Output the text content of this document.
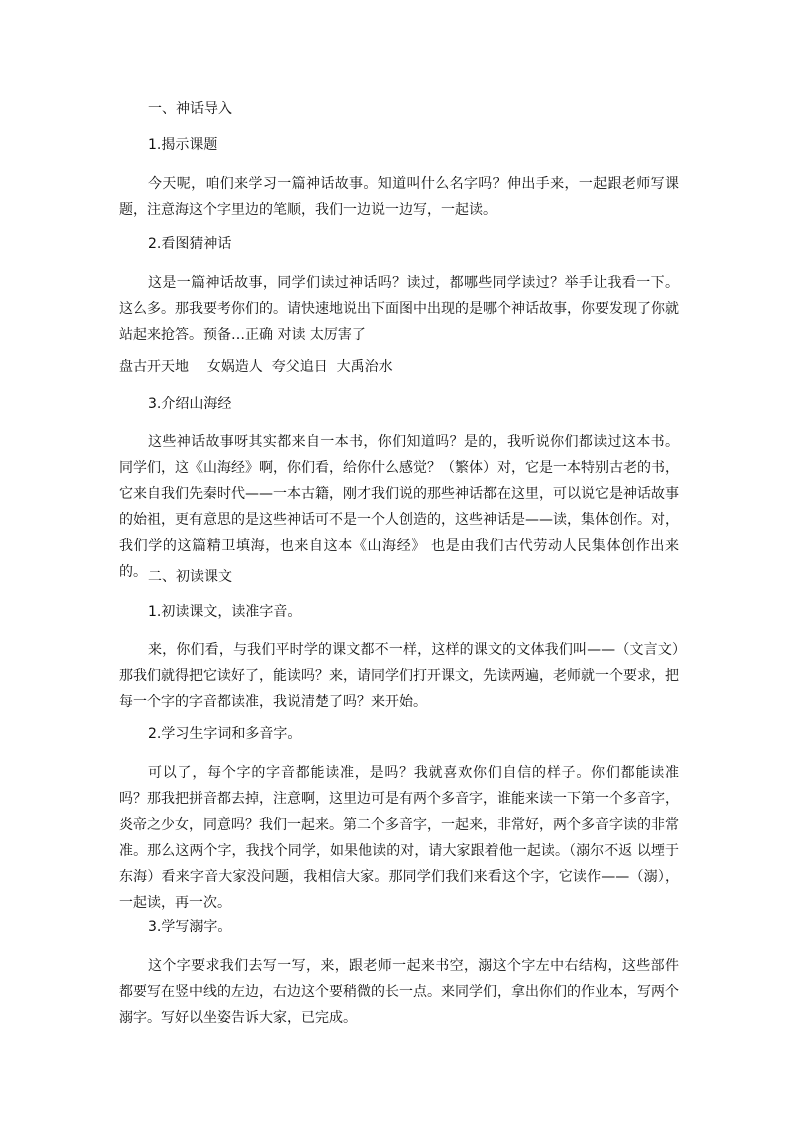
一、神话导入

1.揭示课题

今天呢，咱们来学习一篇神话故事。知道叫什么名字吗？伸出手来，一起跟老师写课题，注意海这个字里边的笔顺，我们一边说一边写，一起读。

2.看图猜神话

这是一篇神话故事，同学们读过神话吗？读过，都哪些同学读过？举手让我看一下。这么多。那我要考你们的。请快速地说出下面图中出现的是哪个神话故事，你要发现了你就站起来抢答。预备…正确 对读 太厉害了

盘古开天地    女娲造人  夸父追日  大禹治水

3.介绍山海经

这些神话故事呀其实都来自一本书，你们知道吗？是的，我听说你们都读过这本书。同学们，这《山海经》啊，你们看，给你什么感觉？（繁体）对，它是一本特别古老的书，它来自我们先秦时代——一本古籍，刚才我们说的那些神话都在这里，可以说它是神话故事的始祖，更有意思的是这些神话可不是一个人创造的，这些神话是——读，集体创作。对，我们学的这篇精卫填海，也来自这本《山海经》 也是由我们古代劳动人民集体创作出来的。 二、初读课文

1.初读课文，读准字音。

来，你们看，与我们平时学的课文都不一样，这样的课文的文体我们叫——（文言文）那我们就得把它读好了，能读吗？来，请同学们打开课文，先读两遍，老师就一个要求，把每一个字的字音都读准，我说清楚了吗？来开始。

2.学习生字词和多音字。

可以了，每个字的字音都能读准，是吗？我就喜欢你们自信的样子。你们都能读准吗？那我把拼音都去掉，注意啊，这里边可是有两个多音字，谁能来读一下第一个多音字，炎帝之少女，同意吗？我们一起来。第二个多音字，一起来，非常好，两个多音字读的非常准。那么这两个字，我找个同学，如果他读的对，请大家跟着他一起读。（溺尔不返 以堙于东海）看来字音大家没问题，我相信大家。那同学们我们来看这个字，它读作——（溺），一起读，再一次。

3.学写溺字。

这个字要求我们去写一写，来，跟老师一起来书空，溺这个字左中右结构，这些部件都要写在竖中线的左边，右边这个要稍微的长一点。来同学们，拿出你们的作业本，写两个溺字。写好以坐姿告诉大家，已完成。
